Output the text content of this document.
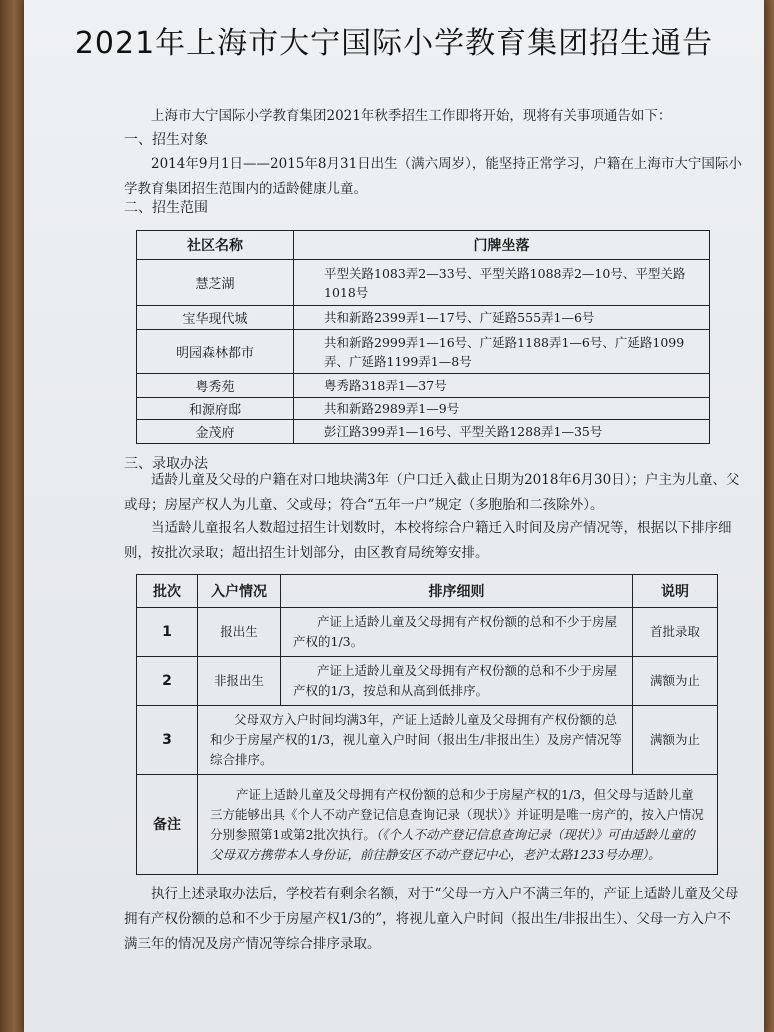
2021年上海市大宁国际小学教育集团招生通告
上海市大宁国际小学教育集团2021年秋季招生工作即将开始，现将有关事项通告如下：
一、招生对象
2014年9月1日——2015年8月31日出生（满六周岁），能坚持正常学习，户籍在上海市大宁国际小学教育集团招生范围内的适龄健康儿童。
二、招生范围
社区名称	门牌坐落
慧芝湖	平型关路1083弄2—33号、平型关路1088弄2—10号、平型关路1018号
宝华现代城	共和新路2399弄1—17号、广延路555弄1—6号
明园森林都市	共和新路2999弄1—16号、广延路1188弄1—6号、广延路1099弄、广延路1199弄1—8号
粤秀苑	粤秀路318弄1—37号
和源府邸	共和新路2989弄1—9号
金茂府	彭江路399弄1—16号、平型关路1288弄1—35号
三、录取办法
适龄儿童及父母的户籍在对口地块满3年（户口迁入截止日期为2018年6月30日）；户主为儿童、父或母；房屋产权人为儿童、父或母；符合“五年一户”规定（多胞胎和二孩除外）。
当适龄儿童报名人数超过招生计划数时，本校将综合户籍迁入时间及房产情况等，根据以下排序细则，按批次录取；超出招生计划部分，由区教育局统筹安排。
批次	入户情况	排序细则	说明
1	报出生	产证上适龄儿童及父母拥有产权份额的总和不少于房屋产权的1/3。	首批录取
2	非报出生	产证上适龄儿童及父母拥有产权份额的总和不少于房屋产权的1/3，按总和从高到低排序。	满额为止
3	父母双方入户时间均满3年，产证上适龄儿童及父母拥有产权份额的总和少于房屋产权的1/3，视儿童入户时间（报出生/非报出生）及房产情况等综合排序。		满额为止
备注	产证上适龄儿童及父母拥有产权份额的总和少于房屋产权的1/3，但父母与适龄儿童三方能够出具《个人不动产登记信息查询记录（现状）》并证明是唯一房产的，按入户情况分别参照第1或第2批次执行。（《个人不动产登记信息查询记录（现状）》可由适龄儿童的父母双方携带本人身份证，前往静安区不动产登记中心，老沪太路1233号办理）。		
执行上述录取办法后，学校若有剩余名额，对于“父母一方入户不满三年的，产证上适龄儿童及父母拥有产权份额的总和不少于房屋产权1/3的”，将视儿童入户时间（报出生/非报出生）、父母一方入户不满三年的情况及房产情况等综合排序录取。
